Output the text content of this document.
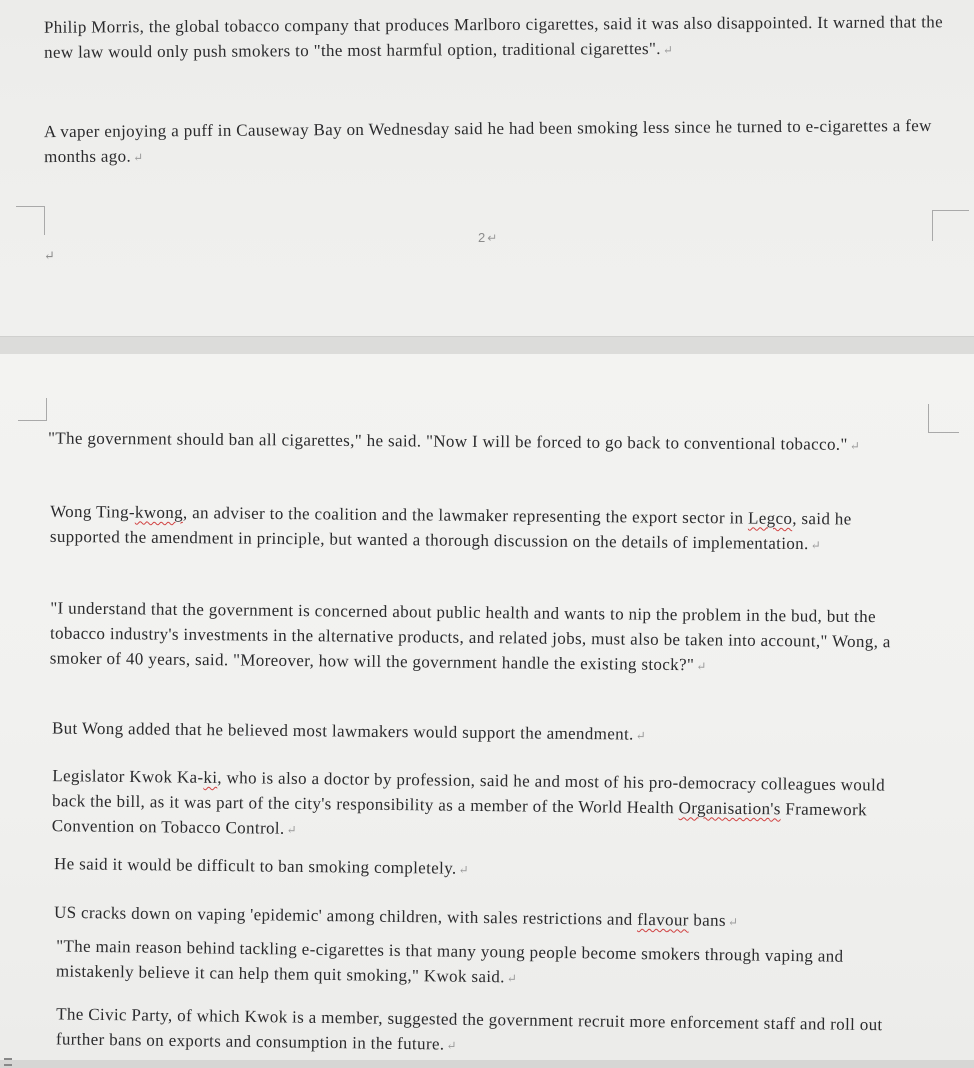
Philip Morris, the global tobacco company that produces Marlboro cigarettes, said it was also disappointed. It warned that the new law would only push smokers to "the most harmful option, traditional cigarettes". ↵

A vaper enjoying a puff in Causeway Bay on Wednesday said he had been smoking less since he turned to e-cigarettes a few months ago. ↵

2 ↵
↵

"The government should ban all cigarettes," he said. "Now I will be forced to go back to conventional tobacco." ↵

Wong Ting-kwong, an adviser to the coalition and the lawmaker representing the export sector in Legco, said he supported the amendment in principle, but wanted a thorough discussion on the details of implementation. ↵

"I understand that the government is concerned about public health and wants to nip the problem in the bud, but the tobacco industry's investments in the alternative products, and related jobs, must also be taken into account," Wong, a smoker of 40 years, said. "Moreover, how will the government handle the existing stock?" ↵

But Wong added that he believed most lawmakers would support the amendment. ↵

Legislator Kwok Ka-ki, who is also a doctor by profession, said he and most of his pro-democracy colleagues would back the bill, as it was part of the city's responsibility as a member of the World Health Organisation's Framework Convention on Tobacco Control. ↵

He said it would be difficult to ban smoking completely. ↵

US cracks down on vaping 'epidemic' among children, with sales restrictions and flavour bans ↵

"The main reason behind tackling e-cigarettes is that many young people become smokers through vaping and mistakenly believe it can help them quit smoking," Kwok said. ↵

The Civic Party, of which Kwok is a member, suggested the government recruit more enforcement staff and roll out further bans on exports and consumption in the future. ↵
